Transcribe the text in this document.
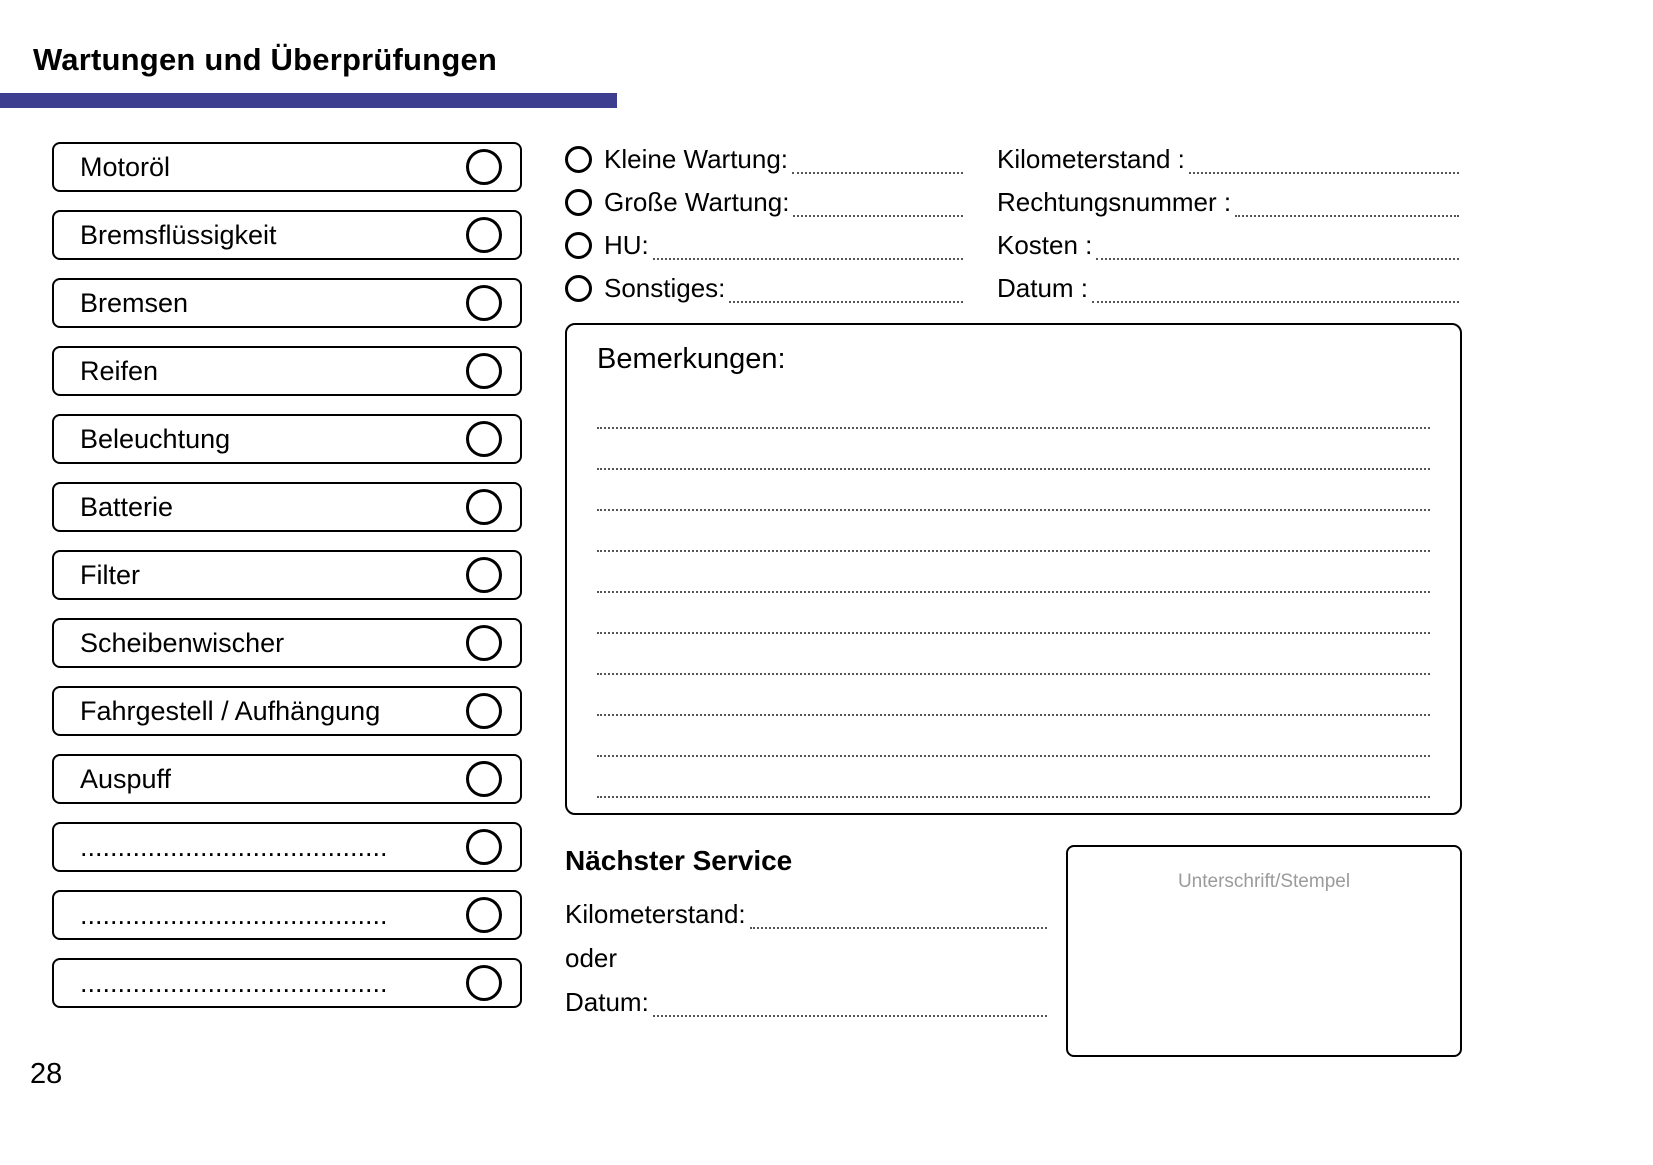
Wartungen und Überprüfungen
Motoröl
Bremsflüssigkeit
Bremsen
Reifen
Beleuchtung
Batterie
Filter
Scheibenwischer
Fahrgestell / Aufhängung
Auspuff
.........................................
.........................................
.........................................
Kleine Wartung:
Große Wartung:
HU:
Sonstiges:
Kilometerstand :
Rechtungsnummer :
Kosten :
Datum :
Bemerkungen:
Nächster Service
Kilometerstand:
oder
Datum:
Unterschrift/Stempel
28
